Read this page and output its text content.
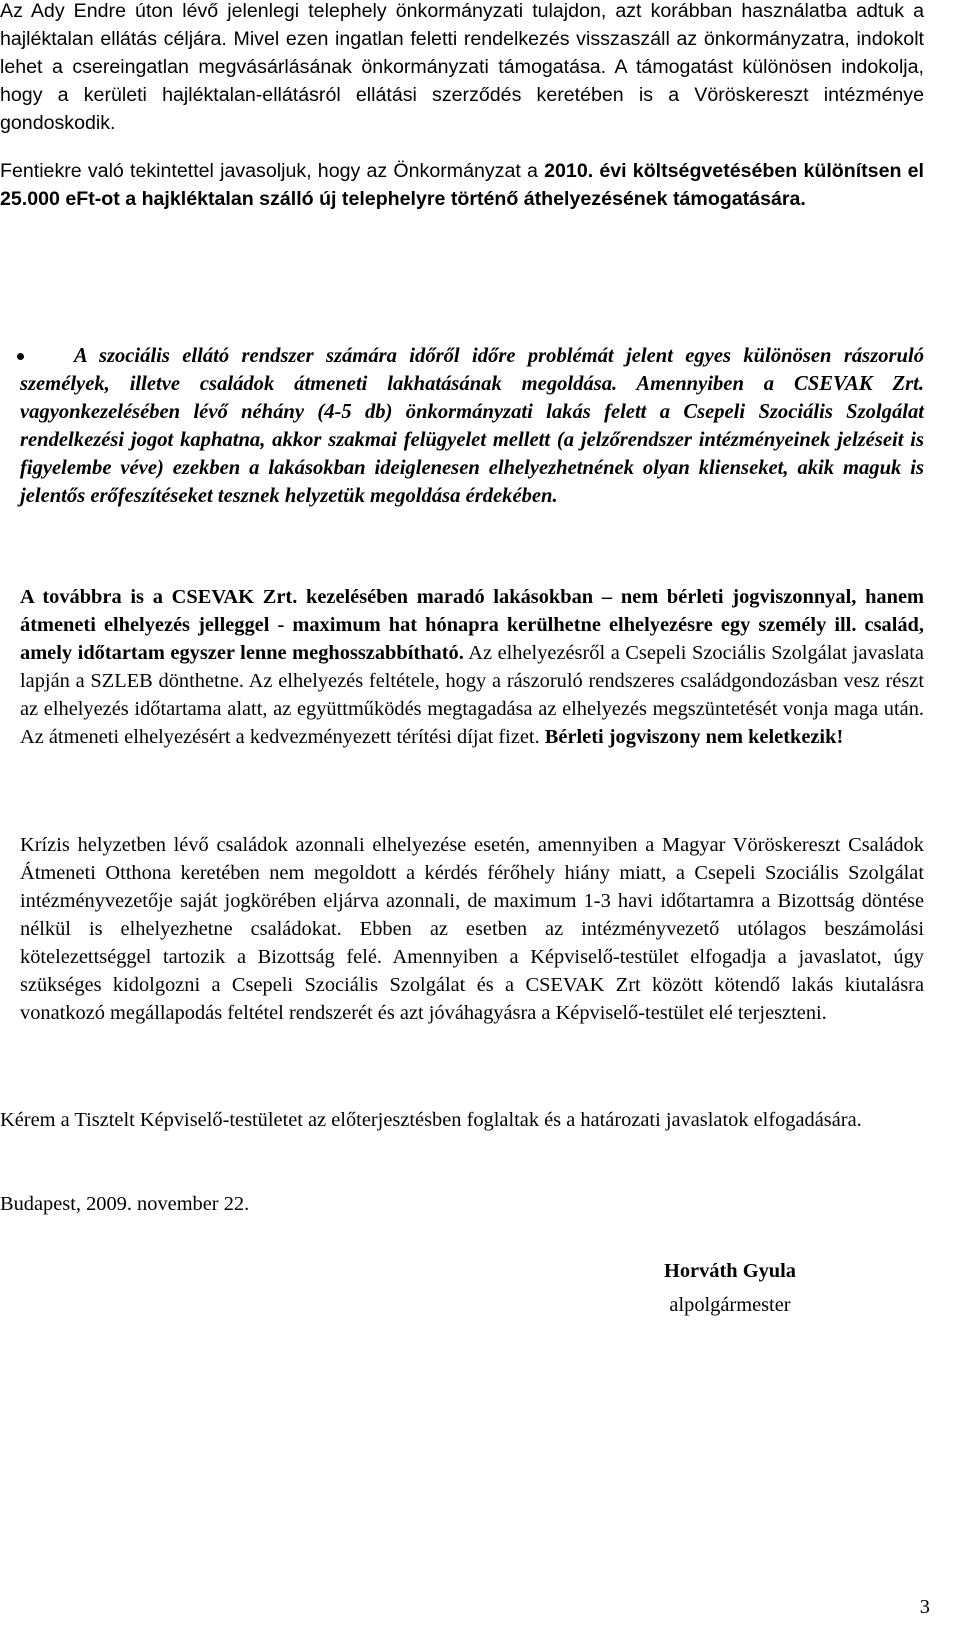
Az Ady Endre úton lévő jelenlegi telephely önkormányzati tulajdon, azt korábban használatba adtuk a hajléktalan ellátás céljára. Mivel ezen ingatlan feletti rendelkezés visszaszáll az önkormányzatra, indokolt lehet a csereingatlan megvásárlásának önkormányzati támogatása. A támogatást különösen indokolja, hogy a kerületi hajléktalan-ellátásról ellátási szerződés keretében is a Vöröskereszt intézménye gondoskodik.

Fentiekre való tekintettel javasoljuk, hogy az Önkormányzat a 2010. évi költségvetésében különítsen el 25.000 eFt-ot a hajkléktalan szálló új telephelyre történő áthelyezésének támogatására.

A szociális ellátó rendszer számára időről időre problémát jelent egyes különösen rászoruló személyek, illetve családok átmeneti lakhatásának megoldása. Amennyiben a CSEVAK Zrt. vagyonkezelésében lévő néhány (4-5 db) önkormányzati lakás felett a Csepeli Szociális Szolgálat rendelkezési jogot kaphatna, akkor szakmai felügyelet mellett (a jelzőrendszer intézményeinek jelzéseit is figyelembe véve) ezekben a lakásokban ideiglenesen elhelyezhetnének olyan klienseket, akik maguk is jelentős erőfeszítéseket tesznek helyzetük megoldása érdekében.

A továbbra is a CSEVAK Zrt. kezelésében maradó lakásokban – nem bérleti jogviszonnyal, hanem átmeneti elhelyezés jelleggel - maximum hat hónapra kerülhetne elhelyezésre egy személy ill. család, amely időtartam egyszer lenne meghosszabbítható. Az elhelyezésről a Csepeli Szociális Szolgálat javaslata lapján a SZLEB dönthetne. Az elhelyezés feltétele, hogy a rászoruló rendszeres családgondozásban vesz részt az elhelyezés időtartama alatt, az együttműködés megtagadása az elhelyezés megszüntetését vonja maga után. Az átmeneti elhelyezésért a kedvezményezett térítési díjat fizet. Bérleti jogviszony nem keletkezik!

Krízis helyzetben lévő családok azonnali elhelyezése esetén, amennyiben a Magyar Vöröskereszt Családok Átmeneti Otthona keretében nem megoldott a kérdés férőhely hiány miatt, a Csepeli Szociális Szolgálat intézményvezetője saját jogkörében eljárva azonnali, de maximum 1-3 havi időtartamra a Bizottság döntése nélkül is elhelyezhetne családokat. Ebben az esetben az intézményvezető utólagos beszámolási kötelezettséggel tartozik a Bizottság felé. Amennyiben a Képviselő-testület elfogadja a javaslatot, úgy szükséges kidolgozni a Csepeli Szociális Szolgálat és a CSEVAK Zrt között kötendő lakás kiutalásra vonatkozó megállapodás feltétel rendszerét és azt jóváhagyásra a Képviselő-testület elé terjeszteni.

Kérem a Tisztelt Képviselő-testületet az előterjesztésben foglaltak és a határozati javaslatok elfogadására.

Budapest, 2009. november 22.

Horváth Gyula
alpolgármester
3
